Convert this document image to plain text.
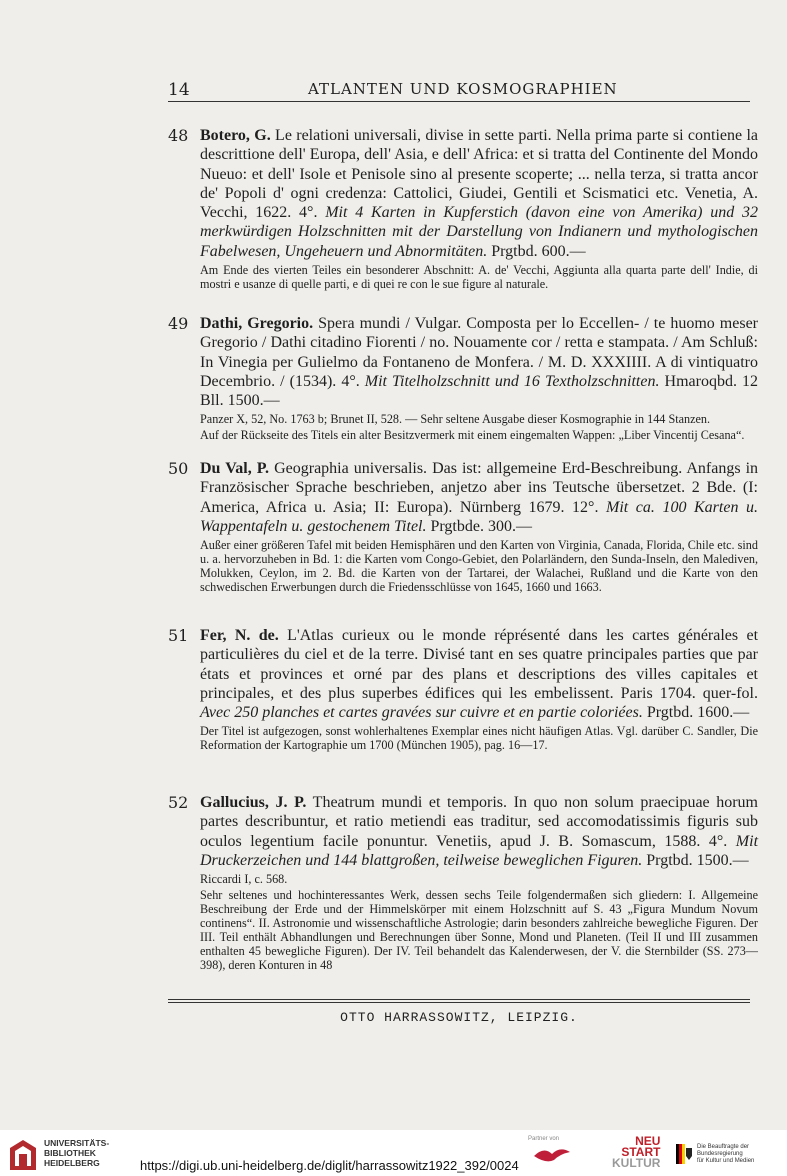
14	ATLANTEN UND KOSMOGRAPHIEN
48 Botero, G. Le relationi universali, divise in sette parti. Nella prima parte si contiene la descrittione dell' Europa, dell' Asia, e dell' Africa: et si tratta del Continente del Mondo Nueuo: et dell' Isole et Penisole sino al presente scoperte; ... nella terza, si tratta ancor de' Popoli d' ogni credenza: Cattolici, Giudei, Gentili et Scismatici etc. Venetia, A. Vecchi, 1622. 4°. Mit 4 Karten in Kupferstich (davon eine von Amerika) und 32 merkwürdigen Holzschnitten mit der Darstellung von Indianern und mythologischen Fabelwesen, Ungeheuern und Abnormitäten. Prgtbd. 600.—
Am Ende des vierten Teiles ein besonderer Abschnitt: A. de' Vecchi, Aggiunta alla quarta parte dell' Indie, di mostri e usanze di quelle parti, e di quei re con le sue figure al naturale.
49 Dathi, Gregorio. Spera mundi / Vulgar. Composta per lo Eccellen- / te huomo meser Gregorio / Dathi citadino Fiorenti / no. Nouamente cor / retta e stampata. / Am Schluß: In Vinegia per Gulielmo da Fontaneno de Monfera. / M. D. XXXIIII. A di vintiquatro Decembrio. / (1534). 4°. Mit Titelholzschnitt und 16 Textholzschnitten. Hmaroqbd. 12 Bll. 1500.—
Panzer X, 52, No. 1763 b; Brunet II, 528. — Sehr seltene Ausgabe dieser Kosmographie in 144 Stanzen.
Auf der Rückseite des Titels ein alter Besitzvermerk mit einem eingemalten Wappen: „Liber Vincentij Cesana“.
50 Du Val, P. Geographia universalis. Das ist: allgemeine Erd-Beschreibung. Anfangs in Französischer Sprache beschrieben, anjetzo aber ins Teutsche übersetzet. 2 Bde. (I: America, Africa u. Asia; II: Europa). Nürnberg 1679. 12°. Mit ca. 100 Karten u. Wappentafeln u. gestochenem Titel. Prgtbde. 300.—
Außer einer größeren Tafel mit beiden Hemisphären und den Karten von Virginia, Canada, Florida, Chile etc. sind u. a. hervorzuheben in Bd. 1: die Karten vom Congo-Gebiet, den Polarländern, den Sunda-Inseln, den Malediven, Molukken, Ceylon, im 2. Bd. die Karten von der Tartarei, der Walachei, Rußland und die Karte von den schwedischen Erwerbungen durch die Friedensschlüsse von 1645, 1660 und 1663.
51 Fer, N. de. L'Atlas curieux ou le monde réprésenté dans les cartes générales et particulières du ciel et de la terre. Divisé tant en ses quatre principales parties que par états et provinces et orné par des plans et descriptions des villes capitales et principales, et des plus superbes édifices qui les embelissent. Paris 1704. quer-fol. Avec 250 planches et cartes gravées sur cuivre et en partie coloriées. Prgtbd. 1600.—
Der Titel ist aufgezogen, sonst wohlerhaltenes Exemplar eines nicht häufigen Atlas. Vgl. darüber C. Sandler, Die Reformation der Kartographie um 1700 (München 1905), pag. 16—17.
52 Gallucius, J. P. Theatrum mundi et temporis. In quo non solum praecipuae horum partes describuntur, et ratio metiendi eas traditur, sed accomodatissimis figuris sub oculos legentium facile ponuntur. Venetiis, apud J. B. Somascum, 1588. 4°. Mit Druckerzeichen und 144 blattgroßen, teilweise beweglichen Figuren. Prgtbd. 1500.—
Riccardi I, c. 568.
Sehr seltenes und hochinteressantes Werk, dessen sechs Teile folgendermaßen sich gliedern: I. Allgemeine Beschreibung der Erde und der Himmelskörper mit einem Holzschnitt auf S. 43 „Figura Mundum Novum continens“. II. Astronomie und wissenschaftliche Astrologie; darin besonders zahlreiche bewegliche Figuren. Der III. Teil enthält Abhandlungen und Berechnungen über Sonne, Mond und Planeten. (Teil II und III zusammen enthalten 45 bewegliche Figuren). Der IV. Teil behandelt das Kalenderwesen, der V. die Sternbilder (SS. 273—398), deren Konturen in 48
OTTO HARRASSOWITZ, LEIPZIG.
UNIVERSITÄTS-
BIBLIOTHEK
HEIDELBERG
Partner von	NEU
START
KULTUR
Die Beauftragte der Bundesregierung
für Kultur und Medien
https://digi.ub.uni-heidelberg.de/diglit/harrassowitz1922_392/0024
